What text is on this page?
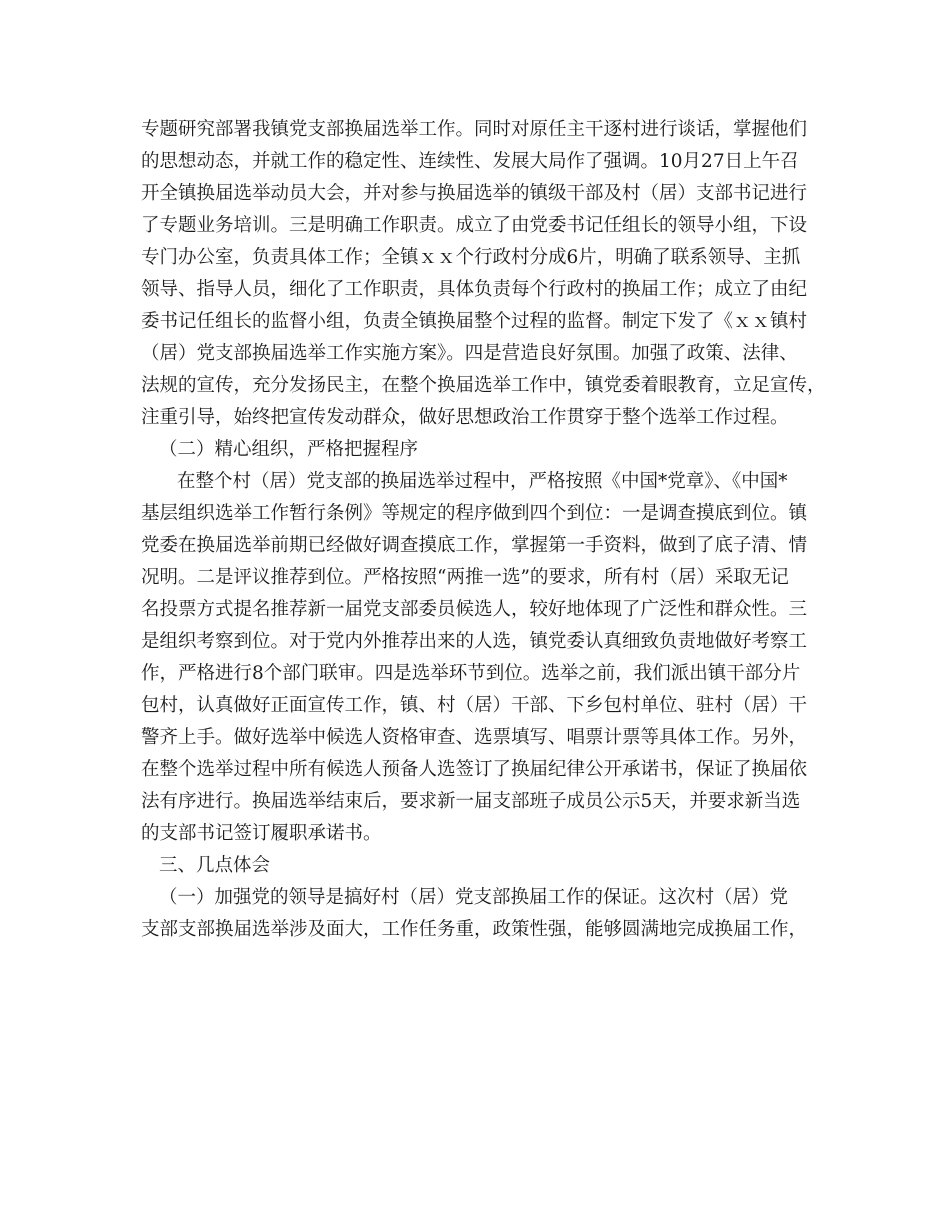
专题研究部署我镇党支部换届选举工作。同时对原任主干逐村进行谈话，掌握他们
的思想动态，并就工作的稳定性、连续性、发展大局作了强调。10月27日上午召
开全镇换届选举动员大会，并对参与换届选举的镇级干部及村（居）支部书记进行
了专题业务培训。三是明确工作职责。成立了由党委书记任组长的领导小组，下设
专门办公室，负责具体工作；全镇ｘｘ个行政村分成6片，明确了联系领导、主抓
领导、指导人员，细化了工作职责，具体负责每个行政村的换届工作；成立了由纪
委书记任组长的监督小组，负责全镇换届整个过程的监督。制定下发了《ｘｘ镇村
（居）党支部换届选举工作实施方案》。四是营造良好氛围。加强了政策、法律、
法规的宣传，充分发扬民主，在整个换届选举工作中，镇党委着眼教育，立足宣传，
注重引导，始终把宣传发动群众，做好思想政治工作贯穿于整个选举工作过程。
（二）精心组织，严格把握程序
在整个村（居）党支部的换届选举过程中，严格按照《中国*党章》、《中国*
基层组织选举工作暂行条例》等规定的程序做到四个到位：一是调查摸底到位。镇
党委在换届选举前期已经做好调查摸底工作，掌握第一手资料，做到了底子清、情
况明。二是评议推荐到位。严格按照“两推一选”的要求，所有村（居）采取无记
名投票方式提名推荐新一届党支部委员候选人，较好地体现了广泛性和群众性。三
是组织考察到位。对于党内外推荐出来的人选，镇党委认真细致负责地做好考察工
作，严格进行8个部门联审。四是选举环节到位。选举之前，我们派出镇干部分片
包村，认真做好正面宣传工作，镇、村（居）干部、下乡包村单位、驻村（居）干
警齐上手。做好选举中候选人资格审查、选票填写、唱票计票等具体工作。另外，
在整个选举过程中所有候选人预备人选签订了换届纪律公开承诺书，保证了换届依
法有序进行。换届选举结束后，要求新一届支部班子成员公示5天，并要求新当选
的支部书记签订履职承诺书。
三、几点体会
（一）加强党的领导是搞好村（居）党支部换届工作的保证。这次村（居）党
支部支部换届选举涉及面大，工作任务重，政策性强，能够圆满地完成换届工作，
